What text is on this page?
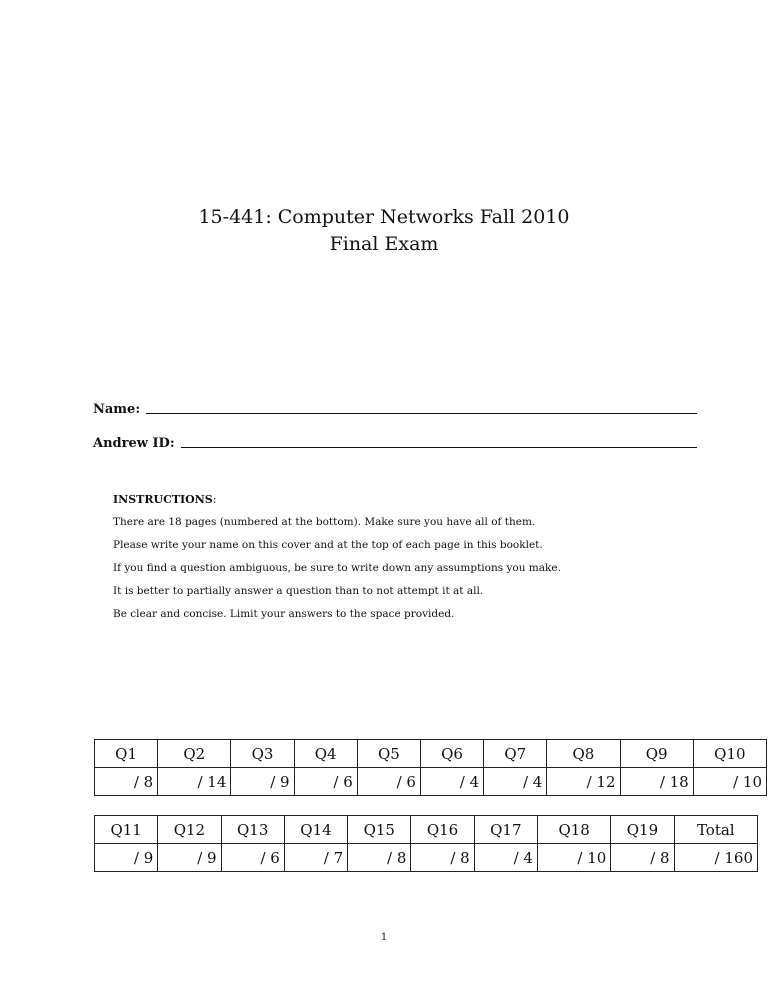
15-441: Computer Networks Fall 2010
Final Exam
Name:
Andrew ID:
INSTRUCTIONS:
There are 18 pages (numbered at the bottom). Make sure you have all of them.
Please write your name on this cover and at the top of each page in this booklet.
If you find a question ambiguous, be sure to write down any assumptions you make.
It is better to partially answer a question than to not attempt it at all.
Be clear and concise. Limit your answers to the space provided.
Q1	Q2	Q3	Q4	Q5	Q6	Q7	Q8	Q9	Q10
/ 8	/ 14	/ 9	/ 6	/ 6	/ 4	/ 4	/ 12	/ 18	/ 10
Q11	Q12	Q13	Q14	Q15	Q16	Q17	Q18	Q19	Total
/ 9	/ 9	/ 6	/ 7	/ 8	/ 8	/ 4	/ 10	/ 8	/ 160
1
